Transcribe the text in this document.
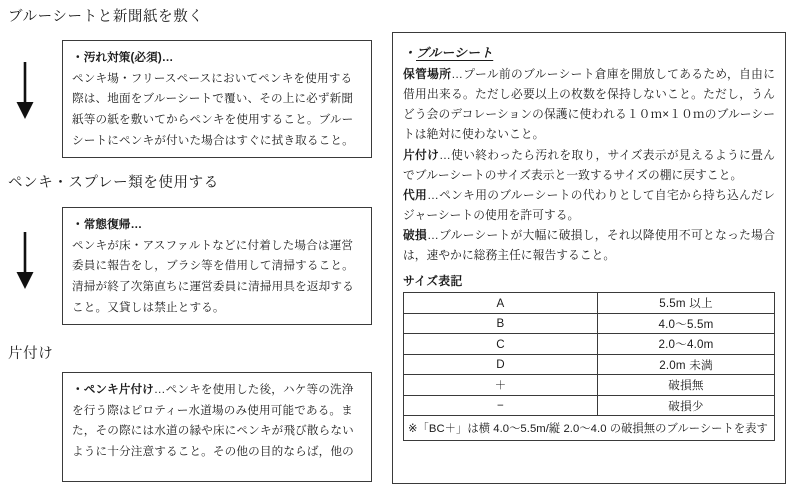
ブルーシートと新聞紙を敷く

・汚れ対策(必須)…
ペンキ場・フリースペースにおいてペンキを使用する際は、地面をブルーシートで覆い、その上に必ず新聞紙等の紙を敷いてからペンキを使用すること。ブルーシートにペンキが付いた場合はすぐに拭き取ること。

ペンキ・スプレー類を使用する

・常態復帰…
ペンキが床・アスファルトなどに付着した場合は運営委員に報告をし，ブラシ等を借用して清掃すること。清掃が終了次第直ちに運営委員に清掃用具を返却すること。又貸しは禁止とする。

片付け

・ペンキ片付け…ペンキを使用した後，ハケ等の洗浄を行う際はピロティー水道場のみ使用可能である。また，その際には水道の縁や床にペンキが飛び散らないように十分注意すること。その他の目的ならば，他の

・ブルーシート

保管場所…プール前のブルーシート倉庫を開放してあるため，自由に借用出来る。ただし必要以上の枚数を保持しないこと。ただし，うんどう会のデコレーションの保護に使われる１０ｍ×１０ｍのブルーシートは絶対に使わないこと。

片付け…使い終わったら汚れを取り，サイズ表示が見えるように畳んでブルーシートのサイズ表示と一致するサイズの棚に戻すこと。

代用…ペンキ用のブルーシートの代わりとして自宅から持ち込んだレジャーシートの使用を許可する。

破損…ブルーシートが大幅に破損し，それ以降使用不可となった場合は，速やかに総務主任に報告すること。

サイズ表記
A	5.5m 以上
B	4.0〜5.5m
C	2.0〜4.0m
D	2.0m 未満
＋	破損無
−	破損少
※「BC＋」は横 4.0〜5.5m/縦 2.0〜4.0 の破損無のブルーシートを表す	
